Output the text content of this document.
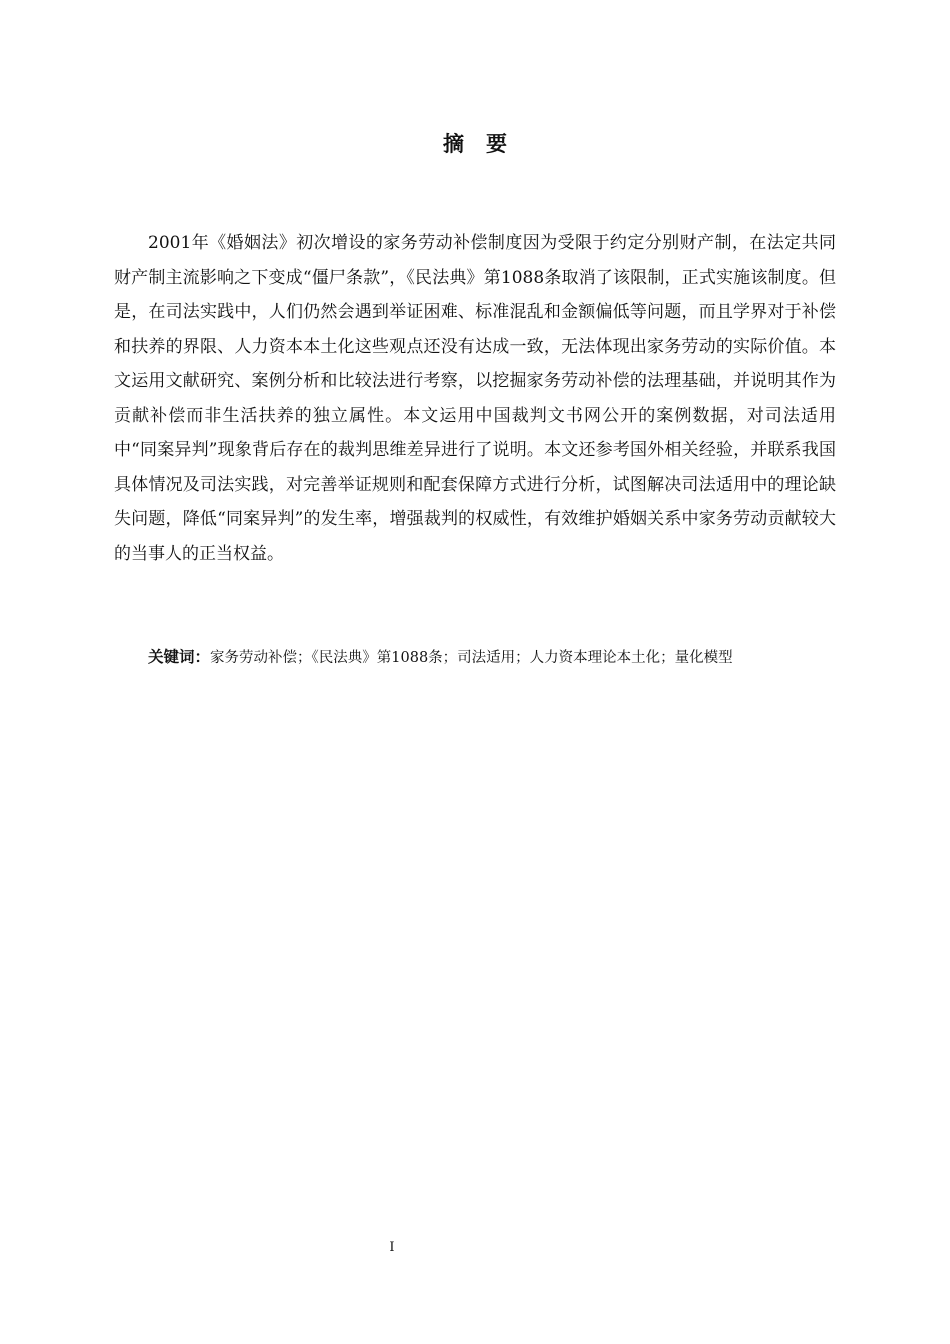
摘要

2001年《婚姻法》初次增设的家务劳动补偿制度因为受限于约定分别财产制，在法定共同财产制主流影响之下变成“僵尸条款”，《民法典》第1088条取消了该限制，正式实施该制度。但是，在司法实践中，人们仍然会遇到举证困难、标准混乱和金额偏低等问题，而且学界对于补偿和扶养的界限、人力资本本土化这些观点还没有达成一致，无法体现出家务劳动的实际价值。本文运用文献研究、案例分析和比较法进行考察，以挖掘家务劳动补偿的法理基础，并说明其作为贡献补偿而非生活扶养的独立属性。本文运用中国裁判文书网公开的案例数据，对司法适用中“同案异判”现象背后存在的裁判思维差异进行了说明。本文还参考国外相关经验，并联系我国具体情况及司法实践，对完善举证规则和配套保障方式进行分析，试图解决司法适用中的理论缺失问题，降低“同案异判”的发生率，增强裁判的权威性，有效维护婚姻关系中家务劳动贡献较大的当事人的正当权益。

关键词：家务劳动补偿；《民法典》第1088条；司法适用；人力资本理论本土化；量化模型

I
